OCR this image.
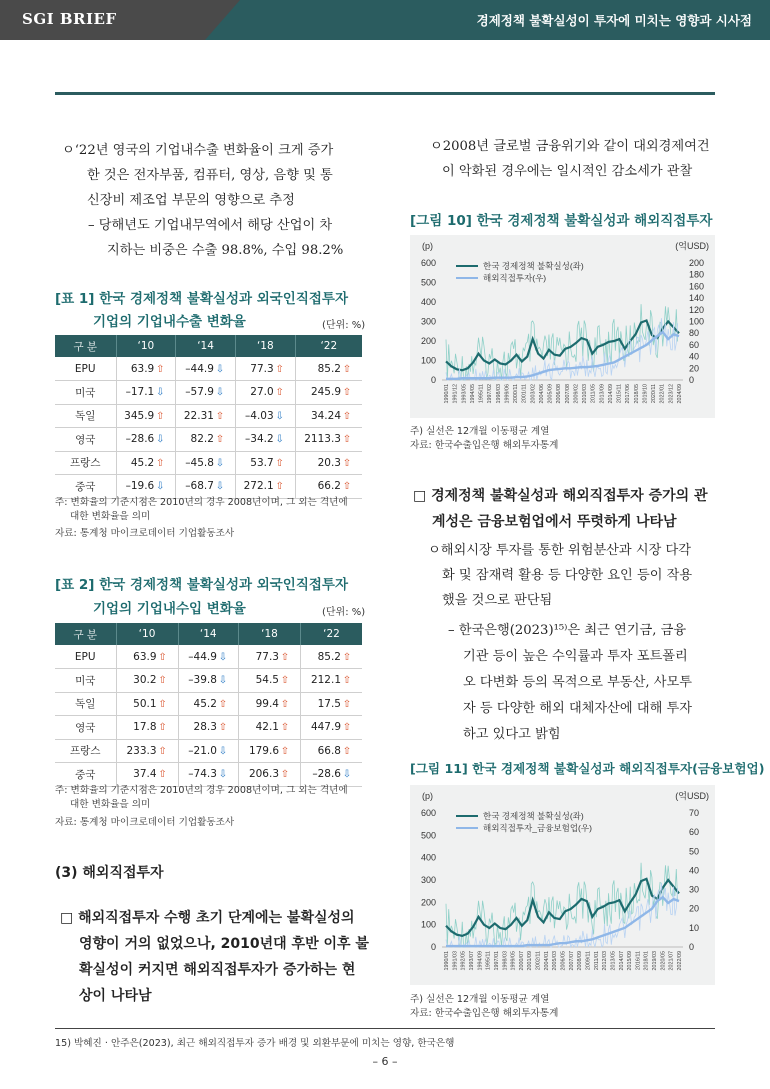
SGI BRIEF	경제정책 불확실성이 투자에 미치는 영향과 시사점
ㅇ‘22년 영국의 기업내수출 변화율이 크게 증가
한 것은 전자부품, 컴퓨터, 영상, 음향 및 통
신장비 제조업 부문의 영향으로 추정
– 당해년도 기업내무역에서 해당 산업이 차
지하는 비중은 수출 98.8%, 수입 98.2%
[표 1] 한국 경제정책 불확실성과 외국인직접투자
기업의 기업내수출 변화율	(단위: %)
구 분	‘10	‘14	‘18	‘22
EPU	63.9 ⇧	–44.9 ⇩	77.3 ⇧	85.2 ⇧
미국	–17.1 ⇩	–57.9 ⇩	27.0 ⇧	245.9 ⇧
독일	345.9 ⇧	22.31 ⇧	–4.03 ⇩	34.24 ⇧
영국	–28.6 ⇩	82.2 ⇧	–34.2 ⇩	2113.3 ⇧
프랑스	45.2 ⇧	–45.8 ⇩	53.7 ⇧	20.3 ⇧
중국	–19.6 ⇩	–68.7 ⇩	272.1 ⇧	66.2 ⇧
주: 변화율의 기준시점은 2010년의 경우 2008년이며, 그 외는 격년에
대한 변화율을 의미
자료: 통계청 마이크로데이터 기업활동조사
[표 2] 한국 경제정책 불확실성과 외국인직접투자
기업의 기업내수입 변화율	(단위: %)
구 분	‘10	‘14	‘18	‘22
EPU	63.9 ⇧	–44.9 ⇩	77.3 ⇧	85.2 ⇧
미국	30.2 ⇧	–39.8 ⇩	54.5 ⇧	212.1 ⇧
독일	50.1 ⇧	45.2 ⇧	99.4 ⇧	17.5 ⇧
영국	17.8 ⇧	28.3 ⇧	42.1 ⇧	447.9 ⇧
프랑스	233.3 ⇧	–21.0 ⇩	179.6 ⇧	66.8 ⇧
중국	37.4 ⇧	–74.3 ⇩	206.3 ⇧	–28.6 ⇩
주: 변화율의 기준시점은 2010년의 경우 2008년이며, 그 외는 격년에
대한 변화율을 의미
자료: 통계청 마이크로데이터 기업활동조사
(3) 해외직접투자
□ 해외직접투자 수행 초기 단계에는 불확실성의
영향이 거의 없었으나, 2010년대 후반 이후 불
확실성이 커지면 해외직접투자가 증가하는 현
상이 나타남
ㅇ2008년 글로벌 금융위기와 같이 대외경제여건
이 악화된 경우에는 일시적인 감소세가 관찰
[그림 10] 한국 경제정책 불확실성과 해외직접투자
(p)	(억USD)
600
500
400
300
200
100
0
200
180
160
140
120
100
80
60
40
20
0
1990/01 1991/12 1993/05 1994/05 1995/11 1997/02 1998/03 1999/06 2000/11 2001/11 2003/02 2004/06 2005/09 2006/08 2007/08 2009/02 2010/03 2011/05 2013/09 2014/09 2015/11 2017/06 2018/05 2019/10 2020/11 2022/01 2023/12 2024/09
한국 경제정책 불확실성(좌)
해외직접투자(우)
주) 실선은 12개월 이동평균 계열
자료: 한국수출입은행 해외투자통계
□ 경제정책 불확실성과 해외직접투자 증가의 관
계성은 금융보험업에서 뚜렷하게 나타남
ㅇ해외시장 투자를 통한 위험분산과 시장 다각
화 및 잠재력 활용 등 다양한 요인 등이 작용
했을 것으로 판단됨
– 한국은행(2023)¹⁵⁾은 최근 연기금, 금융
기관 등이 높은 수익률과 투자 포트폴리
오 다변화 등의 목적으로 부동산, 사모투
자 등 다양한 해외 대체자산에 대해 투자
하고 있다고 밝힘
[그림 11] 한국 경제정책 불확실성과 해외직접투자(금융보험업)
(p)	(억USD)
600
500
400
300
200
100
0
70
60
50
40
30
20
10
0
1990/01 1991/03 1992/05 1993/07 1994/09 1995/11 1997/01 1998/03 1999/05 2000/07 2001/09 2002/11 2004/01 2005/03 2006/05 2007/07 2008/09 2009/11 2011/01 2012/03 2013/05 2014/07 2015/09 2016/11 2018/01 2019/03 2020/05 2021/07 2022/09
한국 경제정책 불확실성(좌)
해외직접투자_금융보험업(우)
주) 실선은 12개월 이동평균 계열
자료: 한국수출입은행 해외투자통계
15) 박혜진 · 안주은(2023), 최근 해외직접투자 증가 배경 및 외환부문에 미치는 영향, 한국은행
– 6 –
